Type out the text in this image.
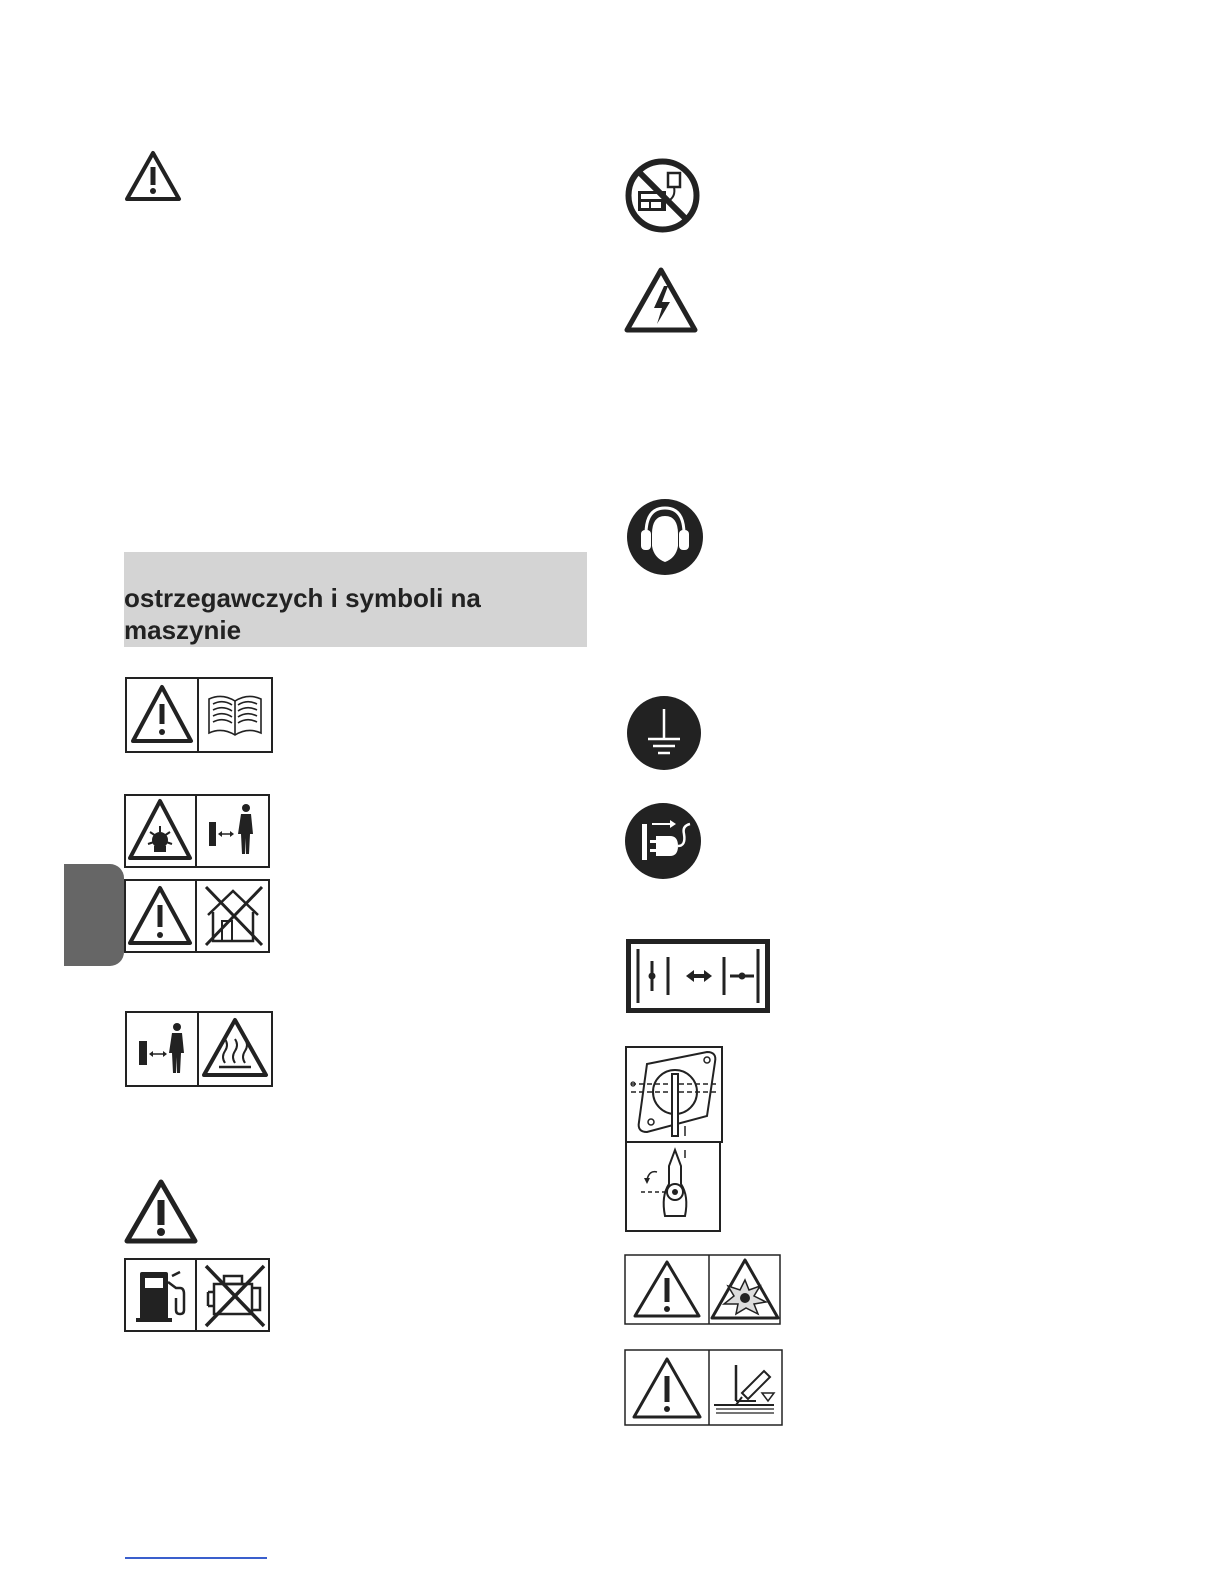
ostrzegawczych i symboli na maszynie
